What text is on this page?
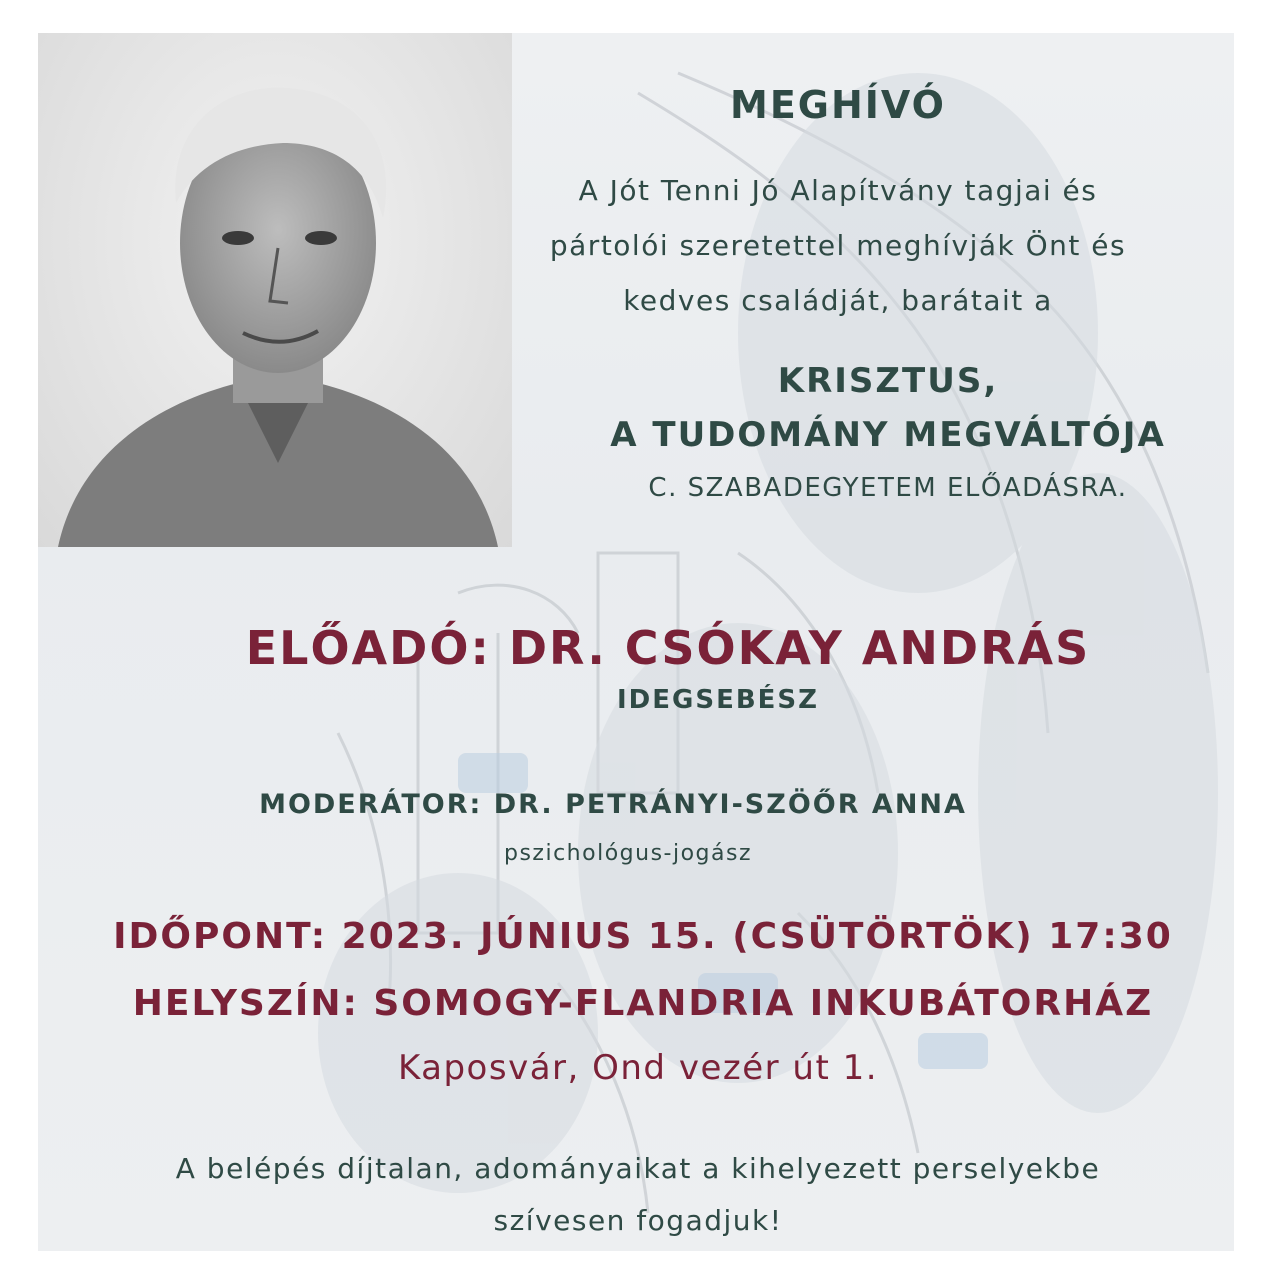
MEGHÍVÓ
A Jót Tenni Jó Alapítvány tagjai és
pártolói szeretettel meghívják Önt és
kedves családját, barátait a
KRISZTUS,
A TUDOMÁNY MEGVÁLTÓJA
C. SZABADEGYETEM ELŐADÁSRA.
ELŐADÓ: DR. CSÓKAY ANDRÁS
IDEGSEBÉSZ
MODERÁTOR: DR. PETRÁNYI-SZÖŐR ANNA
pszichológus-jogász
IDŐPONT: 2023. JÚNIUS 15. (CSÜTÖRTÖK) 17:30
HELYSZÍN: SOMOGY-FLANDRIA INKUBÁTORHÁZ
Kaposvár, Ond vezér út 1.
A belépés díjtalan, adományaikat a kihelyezett perselyekbe
szívesen fogadjuk!
